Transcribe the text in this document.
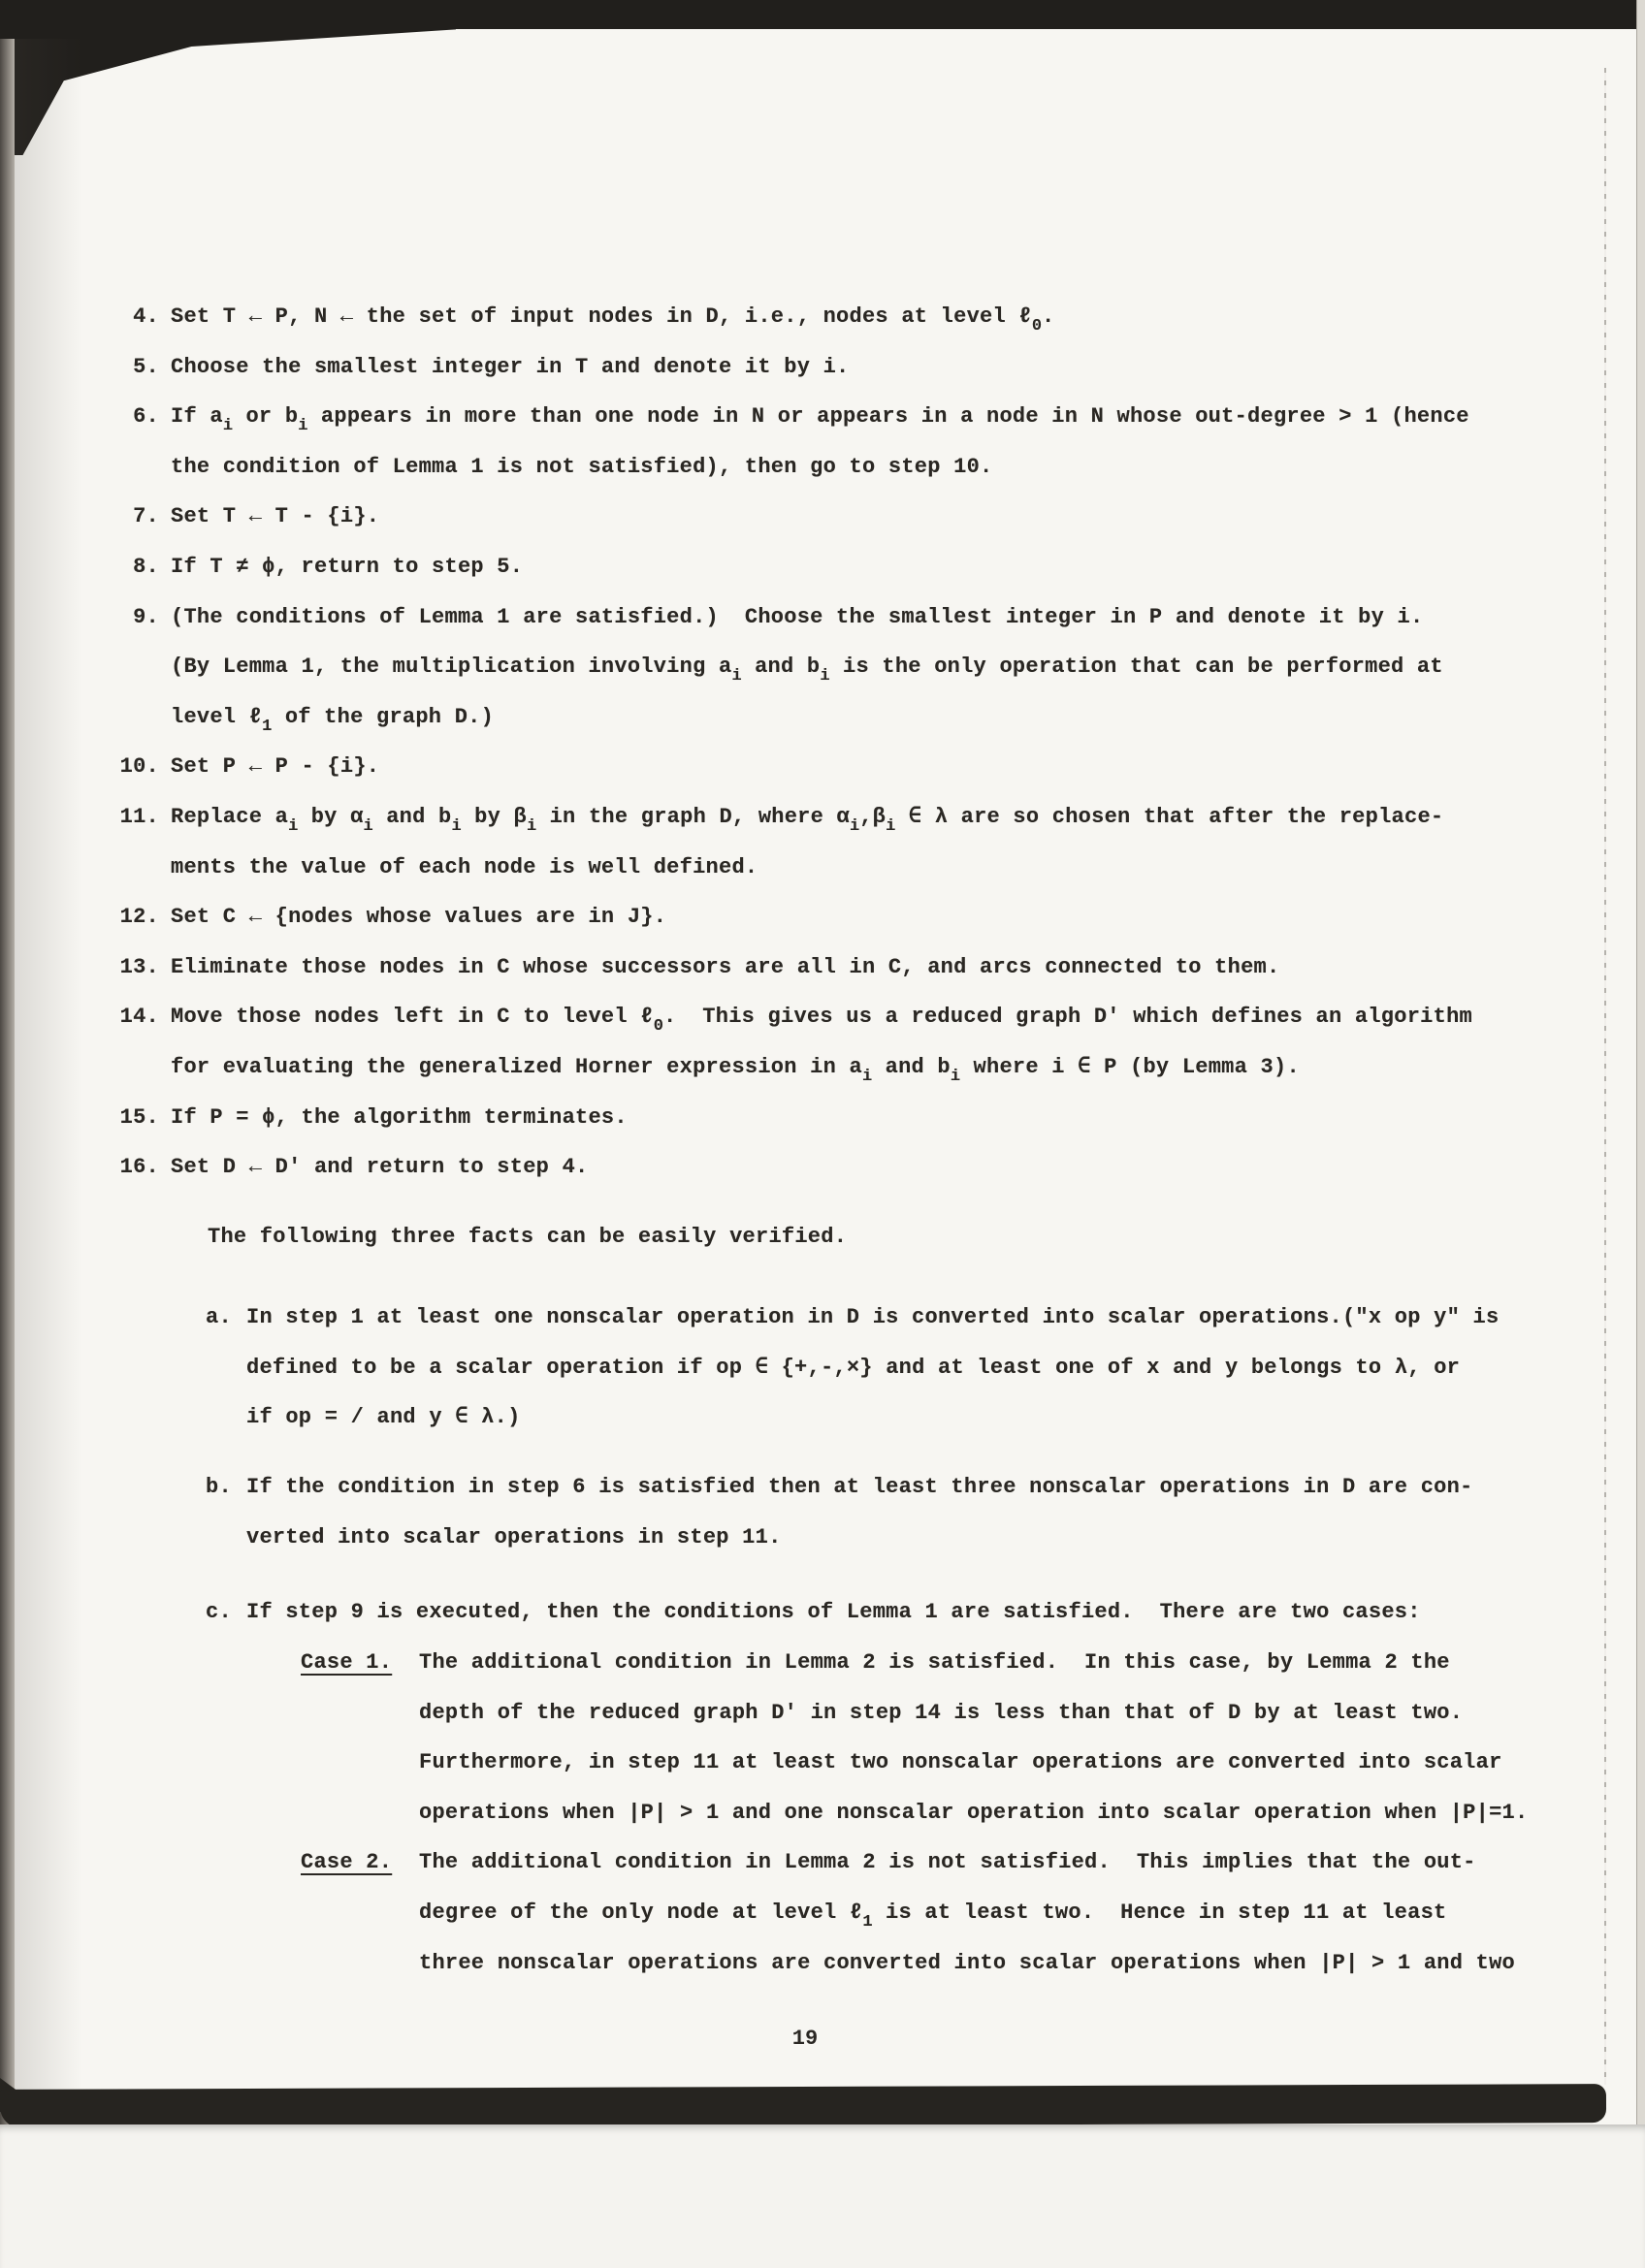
4. Set T ← P, N ← the set of input nodes in D, i.e., nodes at level ℓ$_0$.
5. Choose the smallest integer in T and denote it by i.
6. If $a_i$ or $b_i$ appears in more than one node in N or appears in a node in N whose out-degree > 1 (hence
the condition of Lemma 1 is not satisfied), then go to step 10.
7. Set T ← T - {i}.
8. If T ≠ ϕ, return to step 5.
9. (The conditions of Lemma 1 are satisfied.)  Choose the smallest integer in P and denote it by i.
(By Lemma 1, the multiplication involving $a_i$ and $b_i$ is the only operation that can be performed at
level ℓ$_1$ of the graph D.)
10. Set P ← P - {i}.
11. Replace $a_i$ by $\alpha_i$ and $b_i$ by $\beta_i$ in the graph D, where $\alpha_i,\beta_i$ ∈ λ are so chosen that after the replace-
ments the value of each node is well defined.
12. Set C ← {nodes whose values are in J}.
13. Eliminate those nodes in C whose successors are all in C, and arcs connected to them.
14. Move those nodes left in C to level ℓ$_0$.  This gives us a reduced graph D' which defines an algorithm
for evaluating the generalized Horner expression in $a_i$ and $b_i$ where i ∈ P (by Lemma 3).
15. If P = ϕ, the algorithm terminates.
16. Set D ← D' and return to step 4.
The following three facts can be easily verified.
a. In step 1 at least one nonscalar operation in D is converted into scalar operations.("x op y" is
defined to be a scalar operation if op ∈ {+,-,×} and at least one of x and y belongs to λ, or
if op = / and y ∈ λ.)
b. If the condition in step 6 is satisfied then at least three nonscalar operations in D are con-
verted into scalar operations in step 11.
c. If step 9 is executed, then the conditions of Lemma 1 are satisfied.  There are two cases:
Case 1. The additional condition in Lemma 2 is satisfied.  In this case, by Lemma 2 the
depth of the reduced graph D' in step 14 is less than that of D by at least two.
Furthermore, in step 11 at least two nonscalar operations are converted into scalar
operations when |P| > 1 and one nonscalar operation into scalar operation when |P|=1.
Case 2. The additional condition in Lemma 2 is not satisfied.  This implies that the out-
degree of the only node at level ℓ$_1$ is at least two.  Hence in step 11 at least
three nonscalar operations are converted into scalar operations when |P| > 1 and two
19
